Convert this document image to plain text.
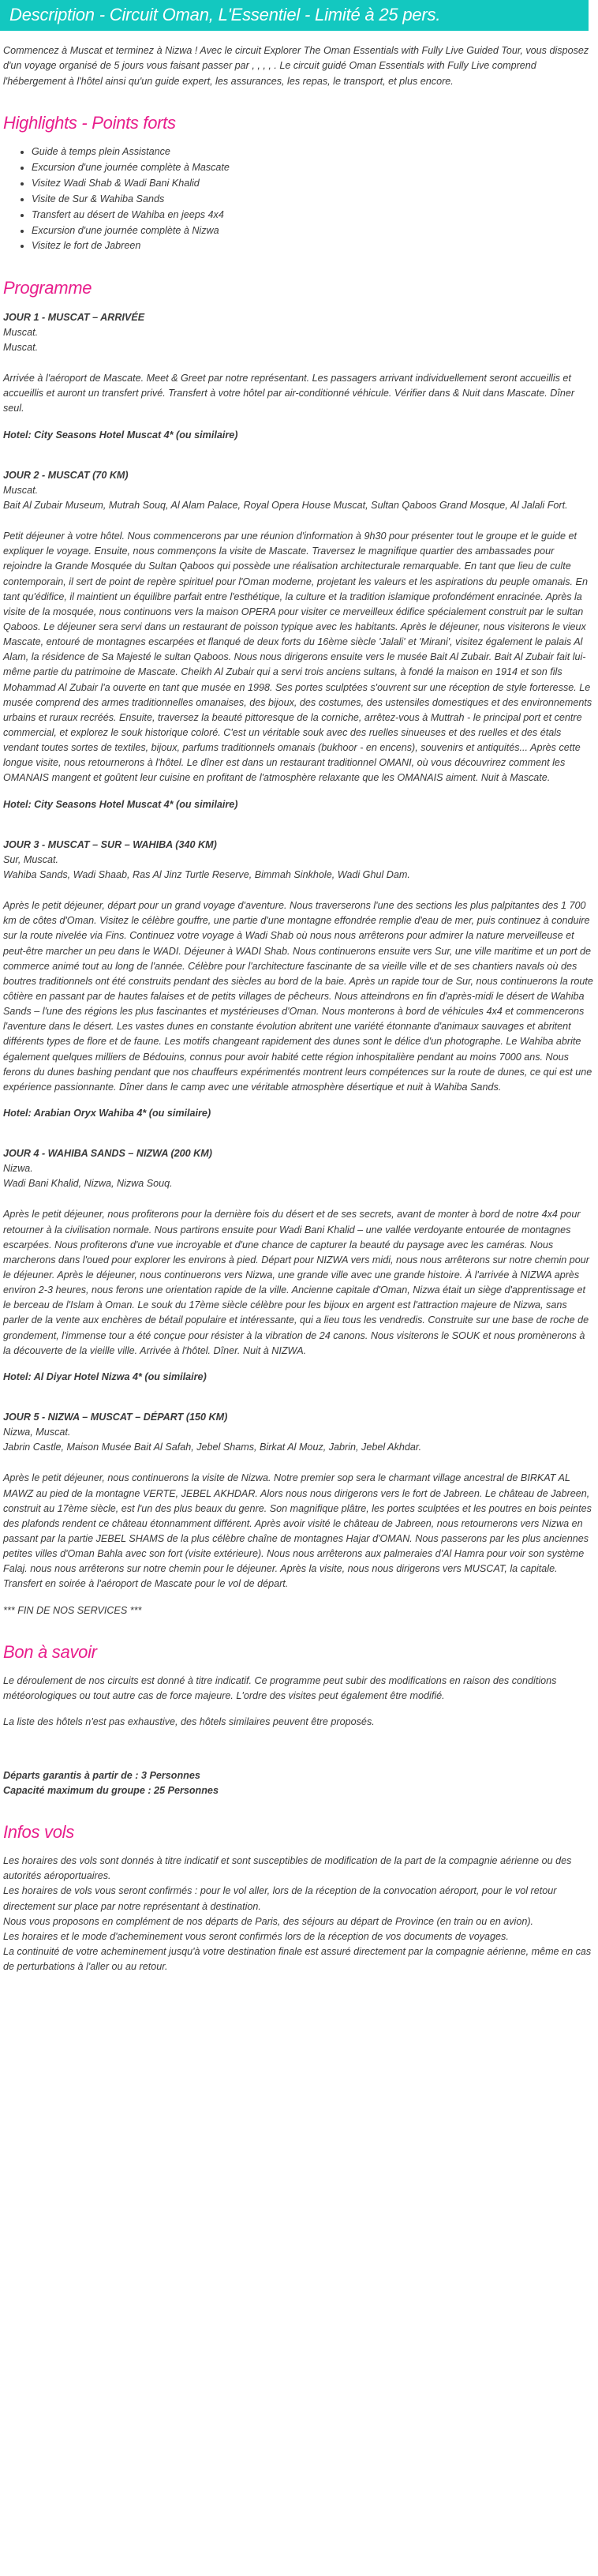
Description - Circuit Oman, L'Essentiel - Limité à 25 pers.

Commencez à Muscat et terminez à Nizwa ! Avec le circuit Explorer The Oman Essentials with Fully Live Guided Tour, vous disposez d'un voyage organisé de 5 jours vous faisant passer par , , , , . Le circuit guidé Oman Essentials with Fully Live comprend l'hébergement à l'hôtel ainsi qu'un guide expert, les assurances, les repas, le transport, et plus encore.

Highlights - Points forts
• Guide à temps plein Assistance
• Excursion d'une journée complète à Mascate
• Visitez Wadi Shab & Wadi Bani Khalid
• Visite de Sur & Wahiba Sands
• Transfert au désert de Wahiba en jeeps 4x4
• Excursion d'une journée complète à Nizwa
• Visitez le fort de Jabreen
Programme

JOUR 1 - MUSCAT – ARRIVÉE

Muscat.

Muscat.

Arrivée à l'aéroport de Mascate. Meet & Greet par notre représentant. Les passagers arrivant individuellement seront accueillis et accueillis et auront un transfert privé. Transfert à votre hôtel par air-conditionné véhicule. Vérifier dans & Nuit dans Mascate. Dîner seul.

Hotel: City Seasons Hotel Muscat 4* (ou similaire)

JOUR 2 - MUSCAT (70 KM)

Muscat.

Bait Al Zubair Museum, Mutrah Souq, Al Alam Palace, Royal Opera House Muscat, Sultan Qaboos Grand Mosque, Al Jalali Fort.

Petit déjeuner à votre hôtel. Nous commencerons par une réunion d'information à 9h30 pour présenter tout le groupe et le guide et expliquer le voyage. Ensuite, nous commençons la visite de Mascate. Traversez le magnifique quartier des ambassades pour rejoindre la Grande Mosquée du Sultan Qaboos qui possède une réalisation architecturale remarquable. En tant que lieu de culte contemporain, il sert de point de repère spirituel pour l'Oman moderne, projetant les valeurs et les aspirations du peuple omanais. En tant qu'édifice, il maintient un équilibre parfait entre l'esthétique, la culture et la tradition islamique profondément enracinée. Après la visite de la mosquée, nous continuons vers la maison OPERA pour visiter ce merveilleux édifice spécialement construit par le sultan Qaboos. Le déjeuner sera servi dans un restaurant de poisson typique avec les habitants. Après le déjeuner, nous visiterons le vieux Mascate, entouré de montagnes escarpées et flanqué de deux forts du 16ème siècle 'Jalali' et 'Mirani', visitez également le palais Al Alam, la résidence de Sa Majesté le sultan Qaboos. Nous nous dirigerons ensuite vers le musée Bait Al Zubair. Bait Al Zubair fait lui-même partie du patrimoine de Mascate. Cheikh Al Zubair qui a servi trois anciens sultans, à fondé la maison en 1914 et son fils Mohammad Al Zubair l'a ouverte en tant que musée en 1998. Ses portes sculptées s'ouvrent sur une réception de style forteresse. Le musée comprend des armes traditionnelles omanaises, des bijoux, des costumes, des ustensiles domestiques et des environnements urbains et ruraux recréés. Ensuite, traversez la beauté pittoresque de la corniche, arrêtez-vous à Muttrah - le principal port et centre commercial, et explorez le souk historique coloré. C'est un véritable souk avec des ruelles sinueuses et des ruelles et des étals vendant toutes sortes de textiles, bijoux, parfums traditionnels omanais (bukhoor - en encens), souvenirs et antiquités... Après cette longue visite, nous retournerons à l'hôtel. Le dîner est dans un restaurant traditionnel OMANI, où vous découvrirez comment les OMANAIS mangent et goûtent leur cuisine en profitant de l'atmosphère relaxante que les OMANAIS aiment. Nuit à Mascate.

Hotel: City Seasons Hotel Muscat 4* (ou similaire)

JOUR 3 - MUSCAT – SUR – WAHIBA (340 KM)

Sur, Muscat.

Wahiba Sands, Wadi Shaab, Ras Al Jinz Turtle Reserve, Bimmah Sinkhole, Wadi Ghul Dam.

Après le petit déjeuner, départ pour un grand voyage d'aventure. Nous traverserons l'une des sections les plus palpitantes des 1 700 km de côtes d'Oman. Visitez le célèbre gouffre, une partie d'une montagne effondrée remplie d'eau de mer, puis continuez à conduire sur la route nivelée via Fins. Continuez votre voyage à Wadi Shab où nous nous arrêterons pour admirer la nature merveilleuse et peut-être marcher un peu dans le WADI. Déjeuner à WADI Shab. Nous continuerons ensuite vers Sur, une ville maritime et un port de commerce animé tout au long de l'année. Célèbre pour l'architecture fascinante de sa vieille ville et de ses chantiers navals où des boutres traditionnels ont été construits pendant des siècles au bord de la baie. Après un rapide tour de Sur, nous continuerons la route côtière en passant par de hautes falaises et de petits villages de pêcheurs. Nous atteindrons en fin d'après-midi le désert de Wahiba Sands – l'une des régions les plus fascinantes et mystérieuses d'Oman. Nous monterons à bord de véhicules 4x4 et commencerons l'aventure dans le désert. Les vastes dunes en constante évolution abritent une variété étonnante d'animaux sauvages et abritent différents types de flore et de faune. Les motifs changeant rapidement des dunes sont le délice d'un photographe. Le Wahiba abrite également quelques milliers de Bédouins, connus pour avoir habité cette région inhospitalière pendant au moins 7000 ans. Nous ferons du dunes bashing pendant que nos chauffeurs expérimentés montrent leurs compétences sur la route de dunes, ce qui est une expérience passionnante. Dîner dans le camp avec une véritable atmosphère désertique et nuit à Wahiba Sands.

Hotel: Arabian Oryx Wahiba 4* (ou similaire)

JOUR 4 - WAHIBA SANDS – NIZWA (200 KM)

Nizwa.

Wadi Bani Khalid, Nizwa, Nizwa Souq.

Après le petit déjeuner, nous profiterons pour la dernière fois du désert et de ses secrets, avant de monter à bord de notre 4x4 pour retourner à la civilisation normale. Nous partirons ensuite pour Wadi Bani Khalid – une vallée verdoyante entourée de montagnes escarpées. Nous profiterons d'une vue incroyable et d'une chance de capturer la beauté du paysage avec les caméras. Nous marcherons dans l'oued pour explorer les environs à pied. Départ pour NIZWA vers midi, nous nous arrêterons sur notre chemin pour le déjeuner. Après le déjeuner, nous continuerons vers Nizwa, une grande ville avec une grande histoire. À l'arrivée à NIZWA après environ 2-3 heures, nous ferons une orientation rapide de la ville. Ancienne capitale d'Oman, Nizwa était un siège d'apprentissage et le berceau de l'Islam à Oman. Le souk du 17ème siècle célèbre pour les bijoux en argent est l'attraction majeure de Nizwa, sans parler de la vente aux enchères de bétail populaire et intéressante, qui a lieu tous les vendredis. Construite sur une base de roche de grondement, l'immense tour a été conçue pour résister à la vibration de 24 canons. Nous visiterons le SOUK et nous promènerons à la découverte de la vieille ville. Arrivée à l'hôtel. Dîner. Nuit à NIZWA.

Hotel: Al Diyar Hotel Nizwa 4* (ou similaire)

JOUR 5 - NIZWA – MUSCAT – DÉPART (150 KM)

Nizwa, Muscat.

Jabrin Castle, Maison Musée Bait Al Safah, Jebel Shams, Birkat Al Mouz, Jabrin, Jebel Akhdar.

Après le petit déjeuner, nous continuerons la visite de Nizwa. Notre premier sop sera le charmant village ancestral de BIRKAT AL MAWZ au pied de la montagne VERTE, JEBEL AKHDAR. Alors nous nous dirigerons vers le fort de Jabreen. Le château de Jabreen, construit au 17ème siècle, est l'un des plus beaux du genre. Son magnifique plâtre, les portes sculptées et les poutres en bois peintes des plafonds rendent ce château étonnamment différent. Après avoir visité le château de Jabreen, nous retournerons vers Nizwa en passant par la partie JEBEL SHAMS de la plus célèbre chaîne de montagnes Hajar d'OMAN. Nous passerons par les plus anciennes petites villes d'Oman Bahla avec son fort (visite extérieure). Nous nous arrêterons aux palmeraies d'Al Hamra pour voir son système Falaj. nous nous arrêterons sur notre chemin pour le déjeuner. Après la visite, nous nous dirigerons vers MUSCAT, la capitale. Transfert en soirée à l'aéroport de Mascate pour le vol de départ.

*** FIN DE NOS SERVICES ***

Bon à savoir

Le déroulement de nos circuits est donné à titre indicatif. Ce programme peut subir des modifications en raison des conditions météorologiques ou tout autre cas de force majeure. L'ordre des visites peut également être modifié.

La liste des hôtels n'est pas exhaustive, des hôtels similaires peuvent être proposés.

Départs garantis à partir de : 3 Personnes

Capacité maximum du groupe : 25 Personnes

Infos vols

Les horaires des vols sont donnés à titre indicatif et sont susceptibles de modification de la part de la compagnie aérienne ou des autorités aéroportuaires.

Les horaires de vols vous seront confirmés : pour le vol aller, lors de la réception de la convocation aéroport, pour le vol retour directement sur place par notre représentant à destination.

Nous vous proposons en complément de nos départs de Paris, des séjours au départ de Province (en train ou en avion).

Les horaires et le mode d'acheminement vous seront confirmés lors de la réception de vos documents de voyages.

La continuité de votre acheminement jusqu'à votre destination finale est assuré directement par la compagnie aérienne, même en cas de perturbations à l'aller ou au retour.
